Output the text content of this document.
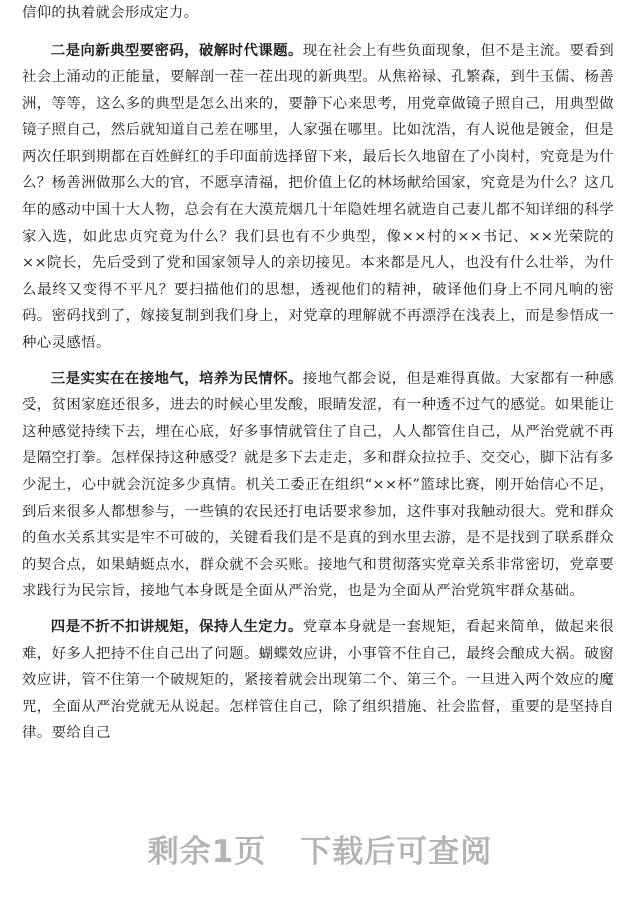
信仰的执着就会形成定力。

二是向新典型要密码，破解时代课题。现在社会上有些负面现象，但不是主流。要看到社会上涌动的正能量，要解剖一茬一茬出现的新典型。从焦裕禄、孔繁森，到牛玉儒、杨善洲，等等，这么多的典型是怎么出来的，要静下心来思考，用党章做镜子照自己，用典型做镜子照自己，然后就知道自己差在哪里，人家强在哪里。比如沈浩，有人说他是镀金，但是两次任职到期都在百姓鲜红的手印面前选择留下来，最后长久地留在了小岗村，究竟是为什么？杨善洲做那么大的官，不愿享清福，把价值上亿的林场献给国家，究竟是为什么？这几年的感动中国十大人物，总会有在大漠荒烟几十年隐姓埋名就造自己妻儿都不知详细的科学家入选，如此忠贞究竟为什么？我们县也有不少典型，像××村的××书记、××光荣院的××院长，先后受到了党和国家领导人的亲切接见。本来都是凡人，也没有什么壮举，为什么最终又变得不平凡？要扫描他们的思想，透视他们的精神，破译他们身上不同凡响的密码。密码找到了，嫁接复制到我们身上，对党章的理解就不再漂浮在浅表上，而是参悟成一种心灵感悟。

三是实实在在接地气，培养为民情怀。接地气都会说，但是难得真做。大家都有一种感受，贫困家庭还很多，进去的时候心里发酸，眼睛发涩，有一种透不过气的感觉。如果能让这种感觉持续下去，埋在心底，好多事情就管住了自己，人人都管住自己，从严治党就不再是隔空打拳。怎样保持这种感受？就是多下去走走，多和群众拉拉手、交交心，脚下沾有多少泥土，心中就会沉淀多少真情。机关工委正在组织“××杯”篮球比赛，刚开始信心不足，到后来很多人都想参与，一些镇的农民还打电话要求参加，这件事对我触动很大。党和群众的鱼水关系其实是牢不可破的，关键看我们是不是真的到水里去游，是不是找到了联系群众的契合点，如果蜻蜓点水，群众就不会买账。接地气和贯彻落实党章关系非常密切，党章要求践行为民宗旨，接地气本身既是全面从严治党，也是为全面从严治党筑牢群众基础。

四是不折不扣讲规矩，保持人生定力。党章本身就是一套规矩，看起来简单，做起来很难，好多人把持不住自己出了问题。蝴蝶效应讲，小事管不住自己，最终会酿成大祸。破窗效应讲，管不住第一个破规矩的，紧接着就会出现第二个、第三个。一旦进入两个效应的魔咒，全面从严治党就无从说起。怎样管住自己，除了组织措施、社会监督，重要的是坚持自律。要给自己

剩余1页 下载后可查阅
